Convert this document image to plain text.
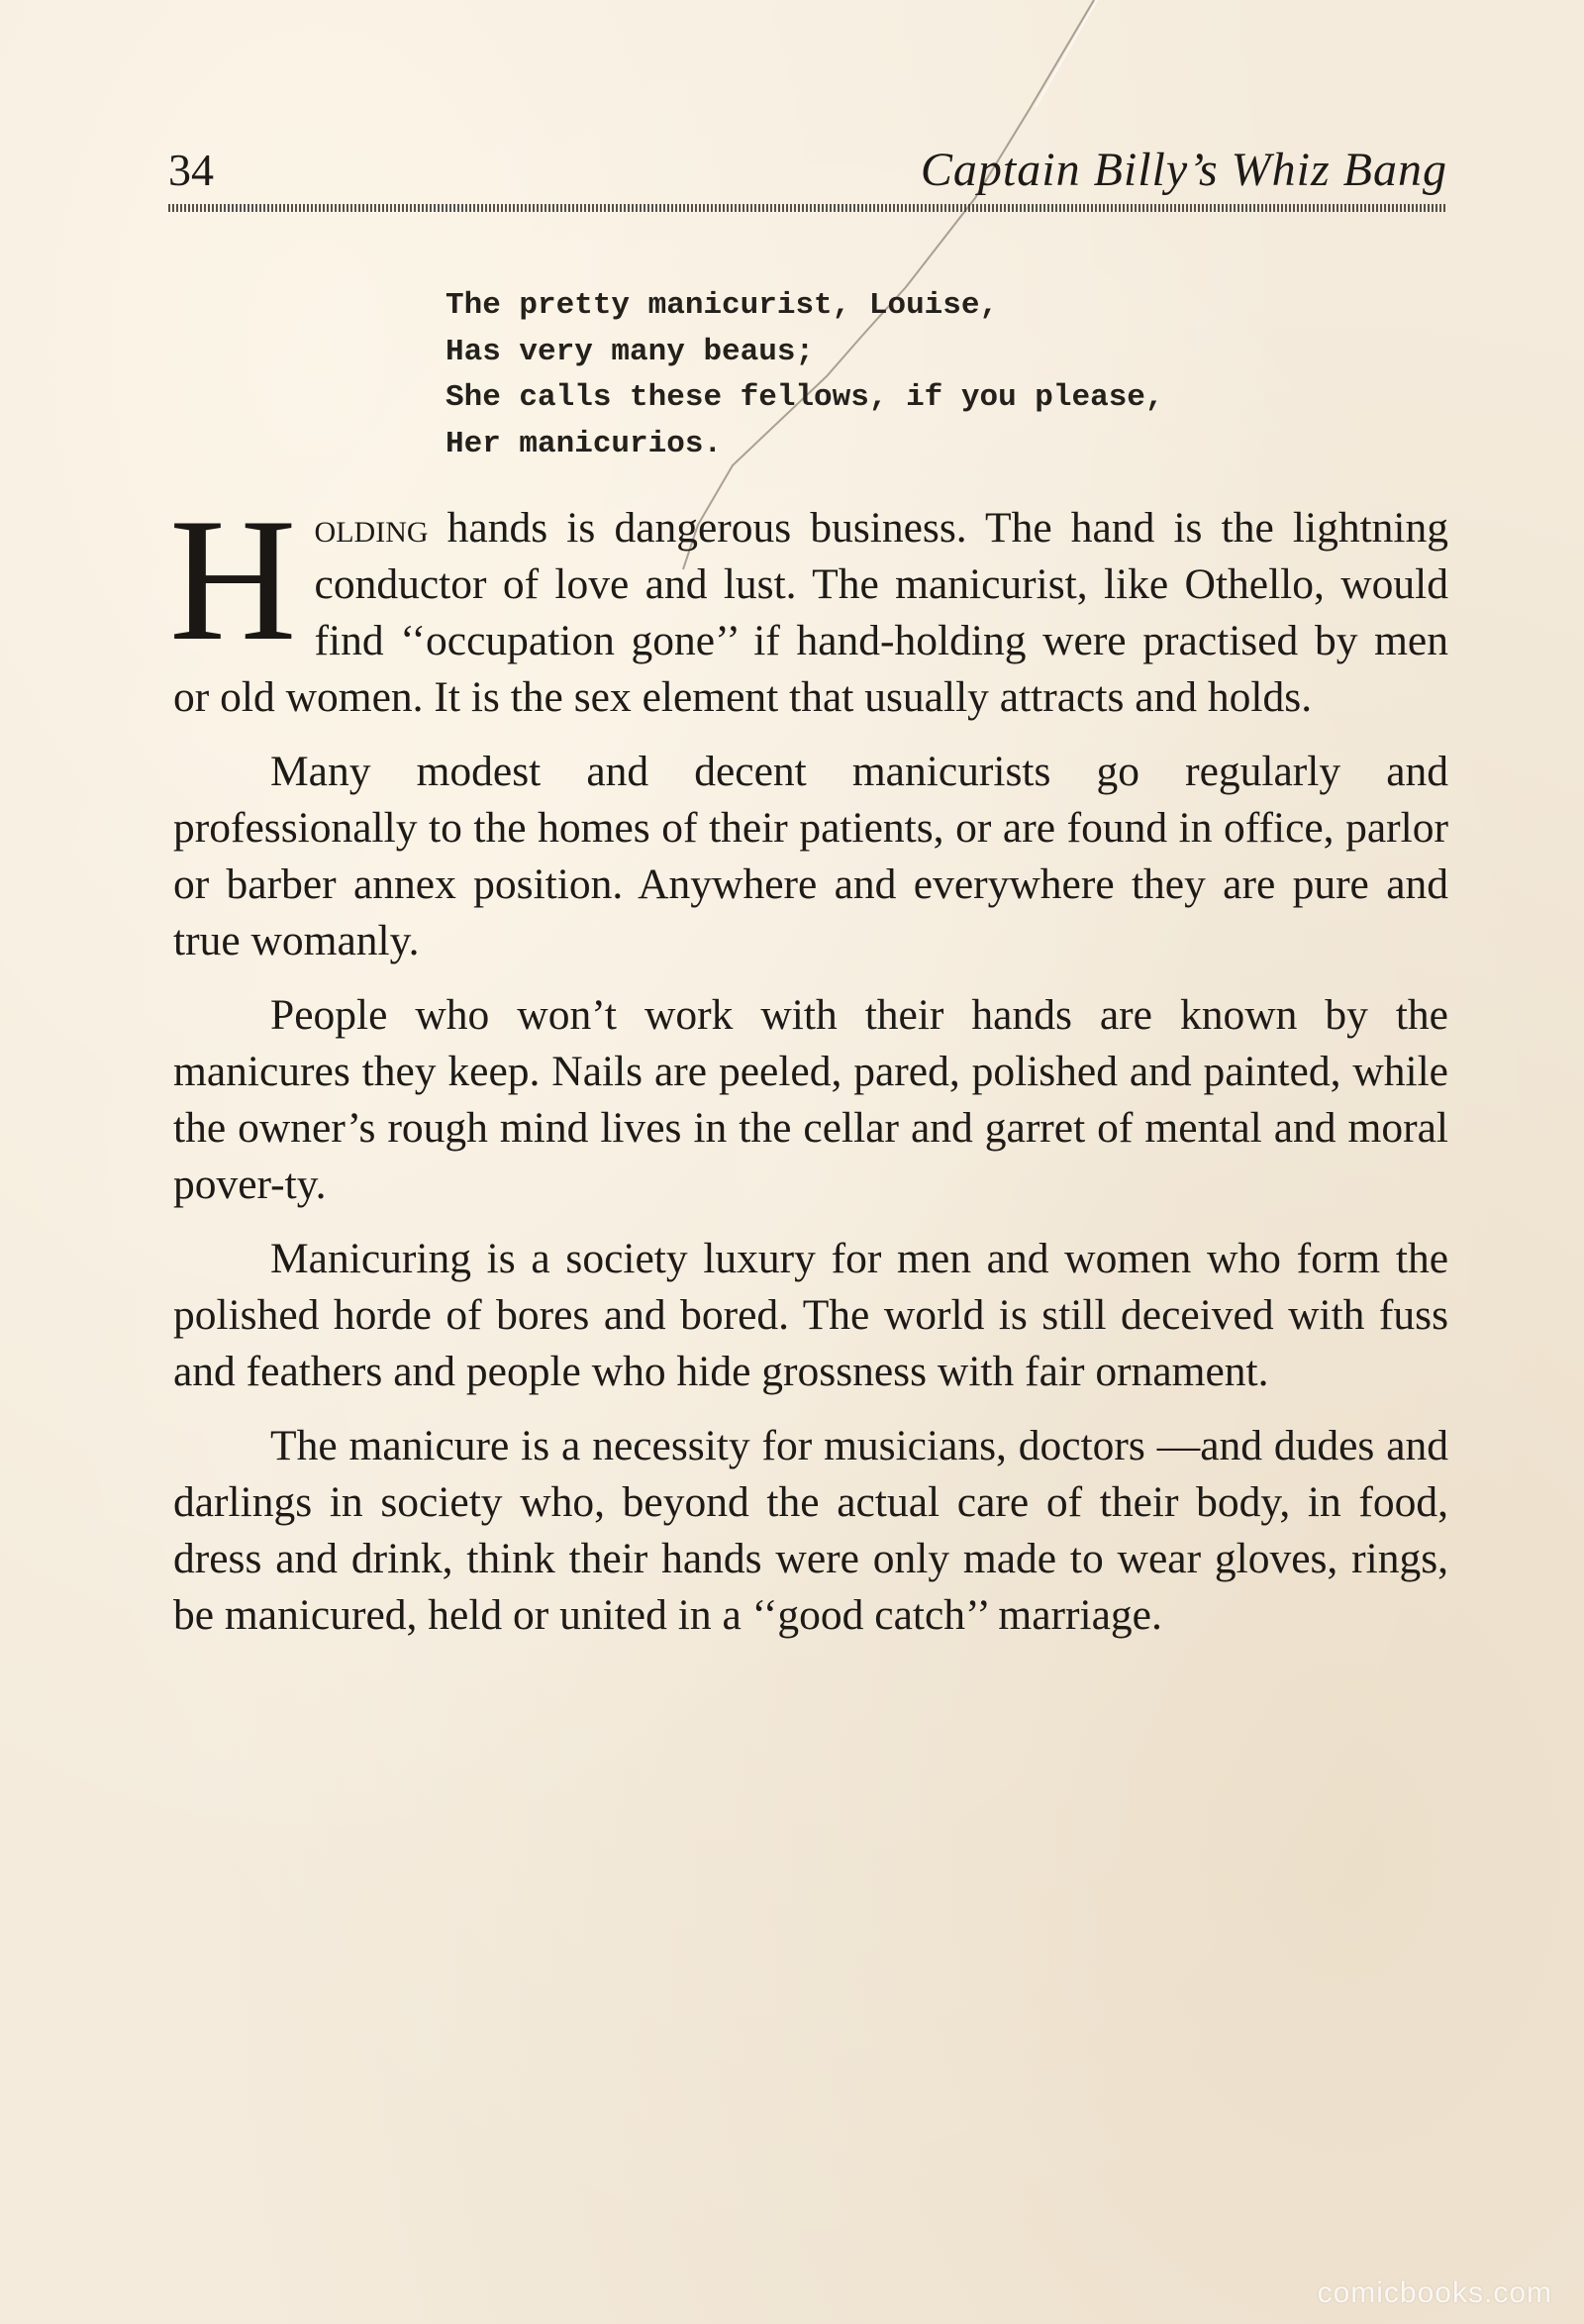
34	Captain Billy’s Whiz Bang
The pretty manicurist, Louise,
Has very many beaus;
She calls these fellows, if you please,
Her manicurios.

Holding hands is dangerous business. The hand is the lightning conductor of love and lust. The manicurist, like Othello, would find ‘‘occupation gone’’ if hand-holding were practised by men or old women. It is the sex element that usually attracts and holds.

Many modest and decent manicurists go regularly and professionally to the homes of their patients, or are found in office, parlor or barber annex position. Anywhere and everywhere they are pure and true womanly.

People who won’t work with their hands are known by the manicures they keep. Nails are peeled, pared, polished and painted, while the owner’s rough mind lives in the cellar and garret of mental and moral pover-ty.

Manicuring is a society luxury for men and women who form the polished horde of bores and bored. The world is still deceived with fuss and feathers and people who hide grossness with fair ornament.

The manicure is a necessity for musicians, doctors —and dudes and darlings in society who, beyond the actual care of their body, in food, dress and drink, think their hands were only made to wear gloves, rings, be manicured, held or united in a ‘‘good catch’’ marriage.

comicbooks.com
